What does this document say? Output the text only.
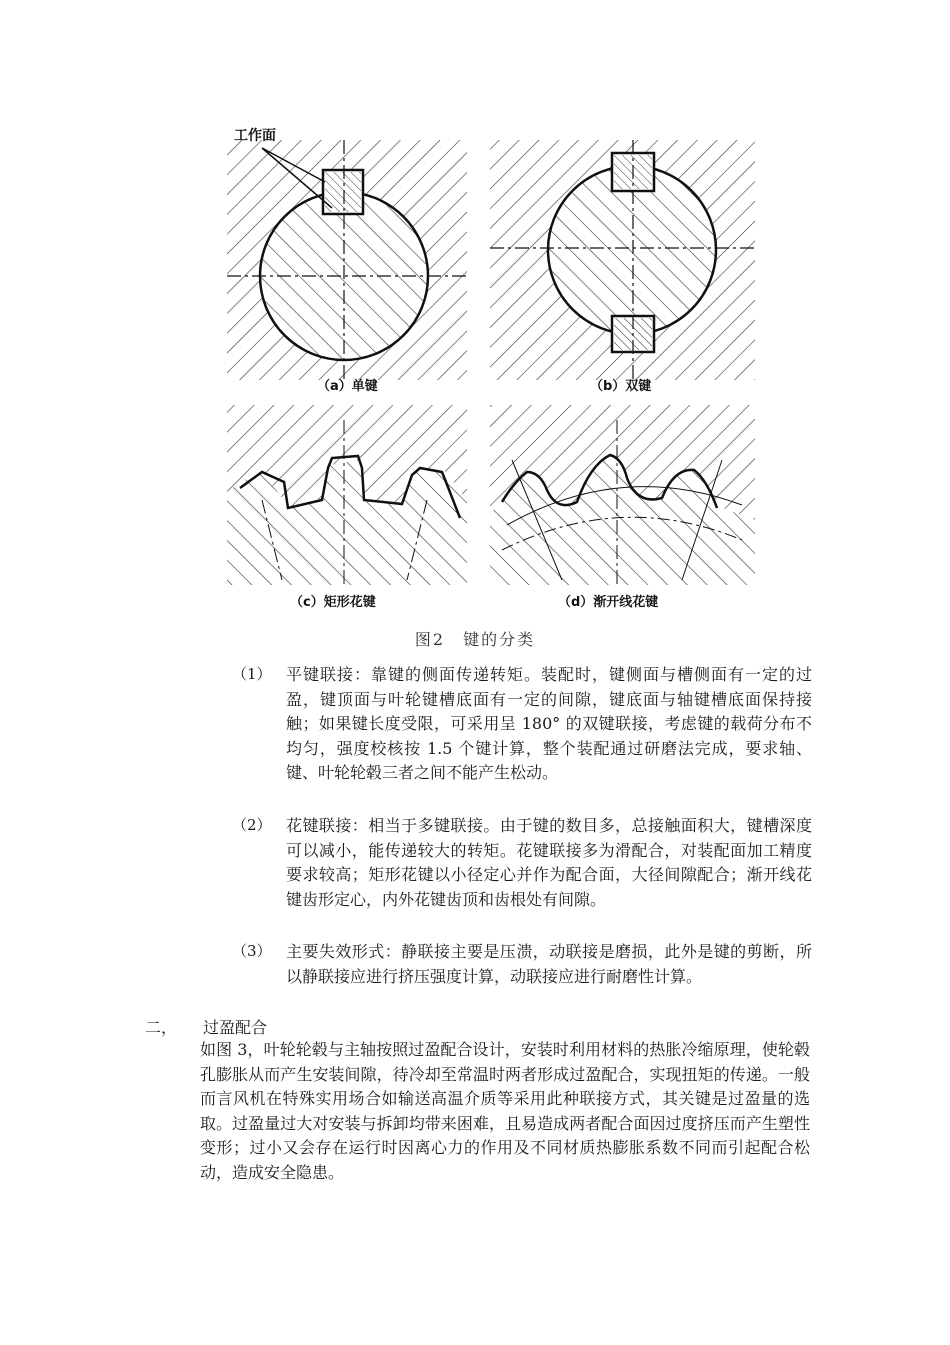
工作面
（a）单键	（b）双键
（c）矩形花键	（d）渐开线花键
图2　键的分类
（1） 平键联接：靠键的侧面传递转矩。装配时，键侧面与槽侧面有一定的过盈，键顶面与叶轮键槽底面有一定的间隙，键底面与轴键槽底面保持接触；如果键长度受限，可采用呈 180° 的双键联接，考虑键的载荷分布不均匀，强度校核按 1.5 个键计算，整个装配通过研磨法完成，要求轴、键、叶轮轮毂三者之间不能产生松动。
（2） 花键联接：相当于多键联接。由于键的数目多，总接触面积大，键槽深度可以减小，能传递较大的转矩。花键联接多为滑配合，对装配面加工精度要求较高；矩形花键以小径定心并作为配合面，大径间隙配合；渐开线花键齿形定心，内外花键齿顶和齿根处有间隙。
（3） 主要失效形式：静联接主要是压溃，动联接是磨损，此外是键的剪断，所以静联接应进行挤压强度计算，动联接应进行耐磨性计算。
二， 过盈配合
如图 3，叶轮轮毂与主轴按照过盈配合设计，安装时利用材料的热胀冷缩原理，使轮毂孔膨胀从而产生安装间隙，待冷却至常温时两者形成过盈配合，实现扭矩的传递。一般而言风机在特殊实用场合如输送高温介质等采用此种联接方式，其关键是过盈量的选取。过盈量过大对安装与拆卸均带来困难，且易造成两者配合面因过度挤压而产生塑性变形；过小又会存在运行时因离心力的作用及不同材质热膨胀系数不同而引起配合松动，造成安全隐患。
